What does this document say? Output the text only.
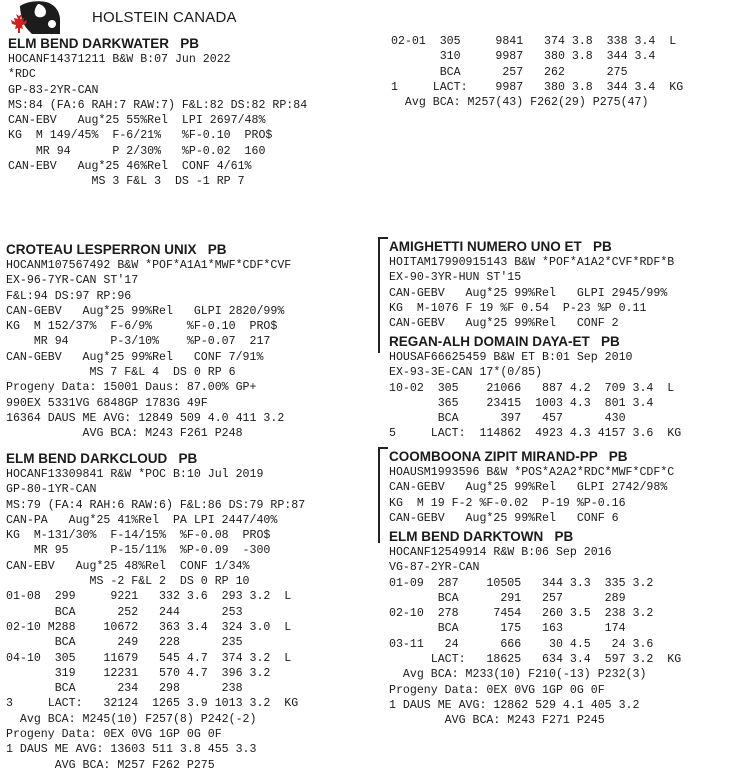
HOLSTEIN CANADA
ELM BEND DARKWATER PB
HOCANF14371211 B&W B:07 Jun 2022
*RDC
GP-83-2YR-CAN
MS:84 (FA:6 RAH:7 RAW:7) F&L:82 DS:82 RP:84
CAN-EBV   Aug*25 55%Rel  LPI 2697/48%
KG  M 149/45%  F-6/21%   %F-0.10  PRO$
MR 94      P 2/30%   %P-0.02  160
CAN-EBV   Aug*25 46%Rel  CONF 4/61%
MS 3 F&L 3  DS -1 RP 7
02-01  305     9841   374 3.8  338 3.4  L
310     9987   380 3.8  344 3.4
BCA      257   262      275
1     LACT:    9987   380 3.8  344 3.4  KG
Avg BCA: M257(43) F262(29) P275(47)
CROTEAU LESPERRON UNIX PB
HOCANM107567492 B&W *POF*A1A1*MWF*CDF*CVF
EX-96-7YR-CAN ST'17
F&L:94 DS:97 RP:96
CAN-GEBV   Aug*25 99%Rel   GLPI 2820/99%
KG  M 152/37%  F-6/9%     %F-0.10  PRO$
MR 94      P-3/10%    %P-0.07  217
CAN-GEBV   Aug*25 99%Rel   CONF 7/91%
MS 7 F&L 4  DS 0 RP 6
Progeny Data: 15001 Daus: 87.00% GP+
990EX 5331VG 6848GP 1783G 49F
16364 DAUS ME AVG: 12849 509 4.0 411 3.2
AVG BCA: M243 F261 P248
ELM BEND DARKCLOUD PB
HOCANF13309841 R&W *POC B:10 Jul 2019
GP-80-1YR-CAN
MS:79 (FA:4 RAH:6 RAW:6) F&L:86 DS:79 RP:87
CAN-PA   Aug*25 41%Rel  PA LPI 2447/40%
KG  M-131/30%  F-14/15%  %F-0.08  PRO$
MR 95      P-15/11%  %P-0.09  -300
CAN-EBV   Aug*25 48%Rel  CONF 1/34%
MS -2 F&L 2  DS 0 RP 10
01-08  299     9221   332 3.6  293 3.2  L
BCA      252   244      253
02-10 M288    10672   363 3.4  324 3.0  L
BCA      249   228      235
04-10  305    11679   545 4.7  374 3.2  L
319    12231   570 4.7  396 3.2
BCA      234   298      238
3     LACT:   32124  1265 3.9 1013 3.2  KG
Avg BCA: M245(10) F257(8) P242(-2)
Progeny Data: 0EX 0VG 1GP 0G 0F
1 DAUS ME AVG: 13603 511 3.8 455 3.3
AVG BCA: M257 F262 P275
AMIGHETTI NUMERO UNO ET PB
HOITAM17990915143 B&W *POF*A1A2*CVF*RDF*B
EX-90-3YR-HUN ST'15
CAN-GEBV   Aug*25 99%Rel   GLPI 2945/99%
KG  M-1076 F 19 %F 0.54  P-23 %P 0.11
CAN-GEBV   Aug*25 99%Rel   CONF 2
REGAN-ALH DOMAIN DAYA-ET PB
HOUSAF66625459 B&W ET B:01 Sep 2010
EX-93-3E-CAN 17*(0/85)
10-02  305    21066   887 4.2  709 3.4  L
365    23415  1003 4.3  801 3.4
BCA      397   457      430
5     LACT:  114862  4923 4.3 4157 3.6  KG
COOMBOONA ZIPIT MIRAND-PP PB
HOAUSM1993596 B&W *POS*A2A2*RDC*MWF*CDF*C
CAN-GEBV   Aug*25 99%Rel   GLPI 2742/98%
KG  M 19 F-2 %F-0.02  P-19 %P-0.16
CAN-GEBV   Aug*25 99%Rel   CONF 6
ELM BEND DARKTOWN PB
HOCANF12549914 R&W B:06 Sep 2016
VG-87-2YR-CAN
01-09  287    10505   344 3.3  335 3.2
BCA      291   257      289
02-10  278     7454   260 3.5  238 3.2
BCA      175   163      174
03-11   24      666    30 4.5   24 3.6
LACT:   18625   634 3.4  597 3.2  KG
Avg BCA: M233(10) F210(-13) P232(3)
Progeny Data: 0EX 0VG 1GP 0G 0F
1 DAUS ME AVG: 12862 529 4.1 405 3.2
AVG BCA: M243 F271 P245
